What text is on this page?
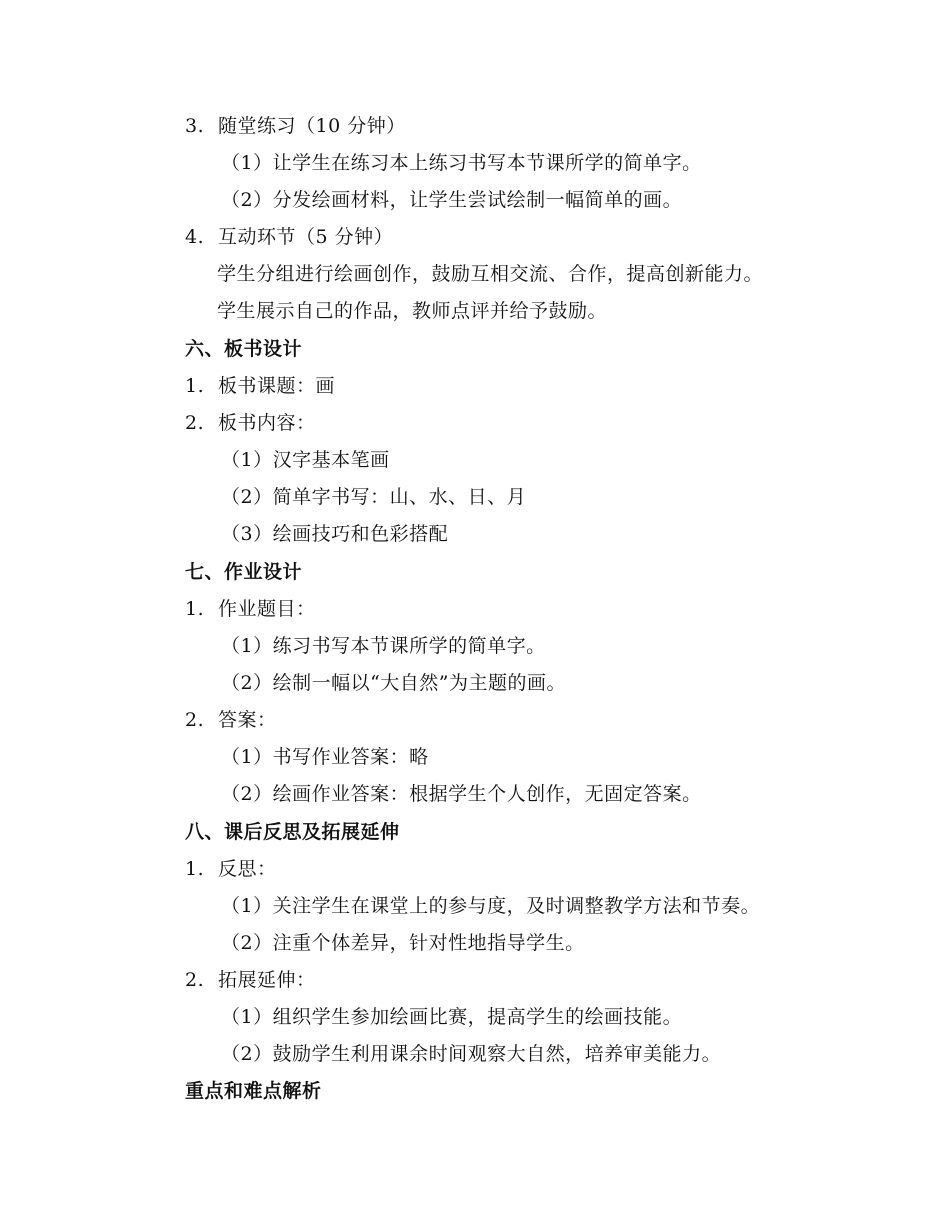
3. 随堂练习（10 分钟）
（1）让学生在练习本上练习书写本节课所学的简单字。
（2）分发绘画材料，让学生尝试绘制一幅简单的画。
4. 互动环节（5 分钟）
学生分组进行绘画创作，鼓励互相交流、合作，提高创新能力。
学生展示自己的作品，教师点评并给予鼓励。
六、板书设计
1. 板书课题：画
2. 板书内容：
（1）汉字基本笔画
（2）简单字书写：山、水、日、月
（3）绘画技巧和色彩搭配
七、作业设计
1. 作业题目：
（1）练习书写本节课所学的简单字。
（2）绘制一幅以“大自然”为主题的画。
2. 答案：
（1）书写作业答案：略
（2）绘画作业答案：根据学生个人创作，无固定答案。
八、课后反思及拓展延伸
1. 反思：
（1）关注学生在课堂上的参与度，及时调整教学方法和节奏。
（2）注重个体差异，针对性地指导学生。
2. 拓展延伸：
（1）组织学生参加绘画比赛，提高学生的绘画技能。
（2）鼓励学生利用课余时间观察大自然，培养审美能力。
重点和难点解析
